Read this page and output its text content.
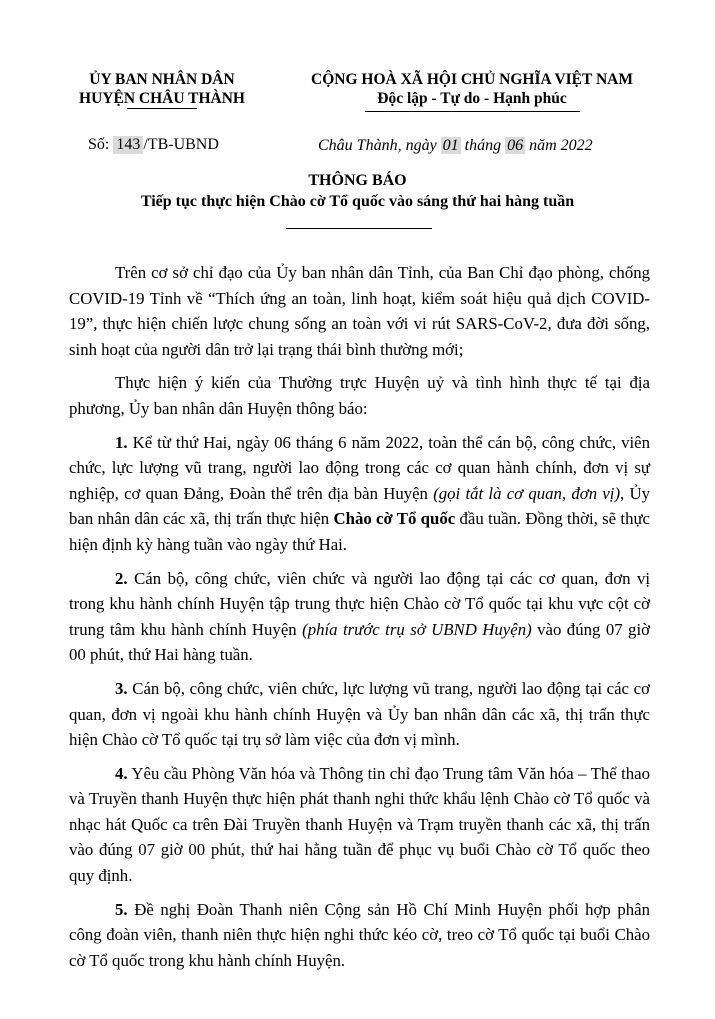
ỦY BAN NHÂN DÂN
HUYỆN CHÂU THÀNH
CỘNG HOÀ XÃ HỘI CHỦ NGHĨA VIỆT NAM
Độc lập - Tự do - Hạnh phúc
Số: 143 /TB-UBND	Châu Thành, ngày 01 tháng 06 năm 2022
THÔNG BÁO
Tiếp tục thực hiện Chào cờ Tổ quốc vào sáng thứ hai hàng tuần

Trên cơ sở chỉ đạo của Ủy ban nhân dân Tỉnh, của Ban Chỉ đạo phòng, chống COVID-19 Tỉnh về “Thích ứng an toàn, linh hoạt, kiểm soát hiệu quả dịch COVID-19”, thực hiện chiến lược chung sống an toàn với vi rút SARS-CoV-2, đưa đời sống, sinh hoạt của người dân trở lại trạng thái bình thường mới;

Thực hiện ý kiến của Thường trực Huyện uỷ và tình hình thực tế tại địa phương, Ủy ban nhân dân Huyện thông báo:

1. Kể từ thứ Hai, ngày 06 tháng 6 năm 2022, toàn thể cán bộ, công chức, viên chức, lực lượng vũ trang, người lao động trong các cơ quan hành chính, đơn vị sự nghiệp, cơ quan Đảng, Đoàn thể trên địa bàn Huyện (gọi tắt là cơ quan, đơn vị), Ủy ban nhân dân các xã, thị trấn thực hiện Chào cờ Tổ quốc đầu tuần. Đồng thời, sẽ thực hiện định kỳ hàng tuần vào ngày thứ Hai.

2. Cán bộ, công chức, viên chức và người lao động tại các cơ quan, đơn vị trong khu hành chính Huyện tập trung thực hiện Chào cờ Tổ quốc tại khu vực cột cờ trung tâm khu hành chính Huyện (phía trước trụ sở UBND Huyện) vào đúng 07 giờ 00 phút, thứ Hai hàng tuần.

3. Cán bộ, công chức, viên chức, lực lượng vũ trang, người lao động tại các cơ quan, đơn vị ngoài khu hành chính Huyện và Ủy ban nhân dân các xã, thị trấn thực hiện Chào cờ Tổ quốc tại trụ sở làm việc của đơn vị mình.

4. Yêu cầu Phòng Văn hóa và Thông tin chỉ đạo Trung tâm Văn hóa – Thể thao và Truyền thanh Huyện thực hiện phát thanh nghi thức khẩu lệnh Chào cờ Tổ quốc và nhạc hát Quốc ca trên Đài Truyền thanh Huyện và Trạm truyền thanh các xã, thị trấn vào đúng 07 giờ 00 phút, thứ hai hằng tuần để phục vụ buổi Chào cờ Tổ quốc theo quy định.

5. Đề nghị Đoàn Thanh niên Cộng sản Hồ Chí Minh Huyện phối hợp phân công đoàn viên, thanh niên thực hiện nghi thức kéo cờ, treo cờ Tổ quốc tại buổi Chào cờ Tổ quốc trong khu hành chính Huyện.
